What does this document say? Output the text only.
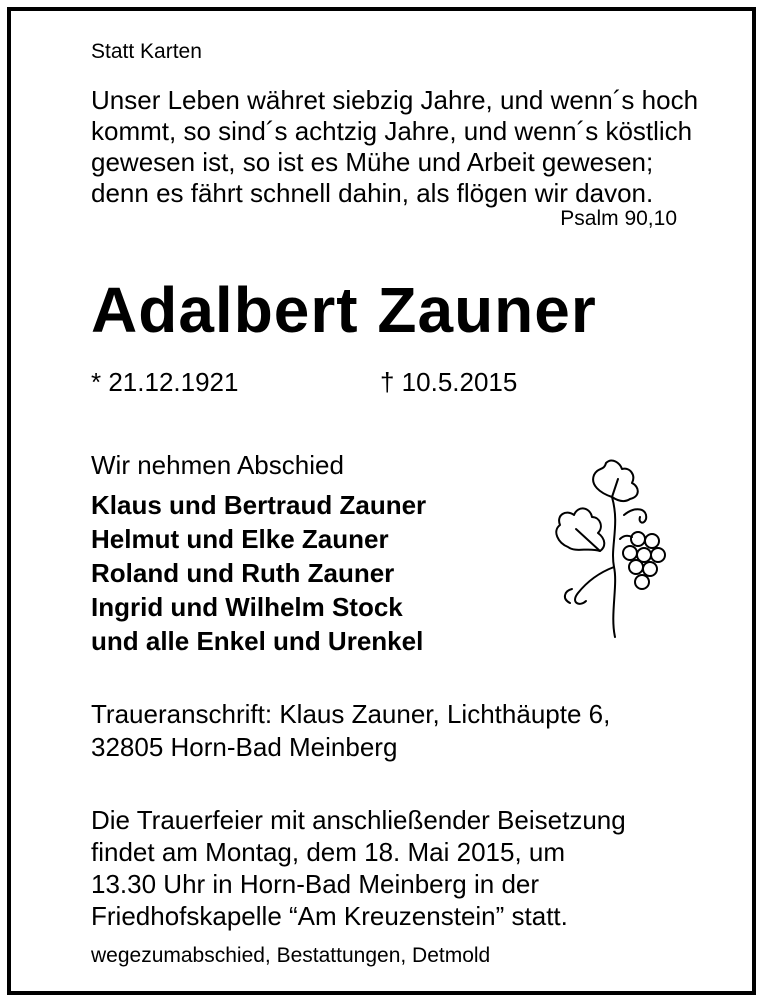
Statt Karten
Unser Leben währet siebzig Jahre, und wenn´s hoch
kommt, so sind´s achtzig Jahre, und wenn´s köstlich
gewesen ist, so ist es Mühe und Arbeit gewesen;
denn es fährt schnell dahin, als flögen wir davon.
Psalm 90,10
Adalbert Zauner
* 21.12.1921	† 10.5.2015
Wir nehmen Abschied
Klaus und Bertraud Zauner
Helmut und Elke Zauner
Roland und Ruth Zauner
Ingrid und Wilhelm Stock
und alle Enkel und Urenkel
Traueranschrift: Klaus Zauner, Lichthäupte 6,
32805 Horn-Bad Meinberg
Die Trauerfeier mit anschließender Beisetzung
findet am Montag, dem 18. Mai 2015, um
13.30 Uhr in Horn-Bad Meinberg in der
Friedhofskapelle “Am Kreuzenstein” statt.
wegezumabschied, Bestattungen, Detmold
